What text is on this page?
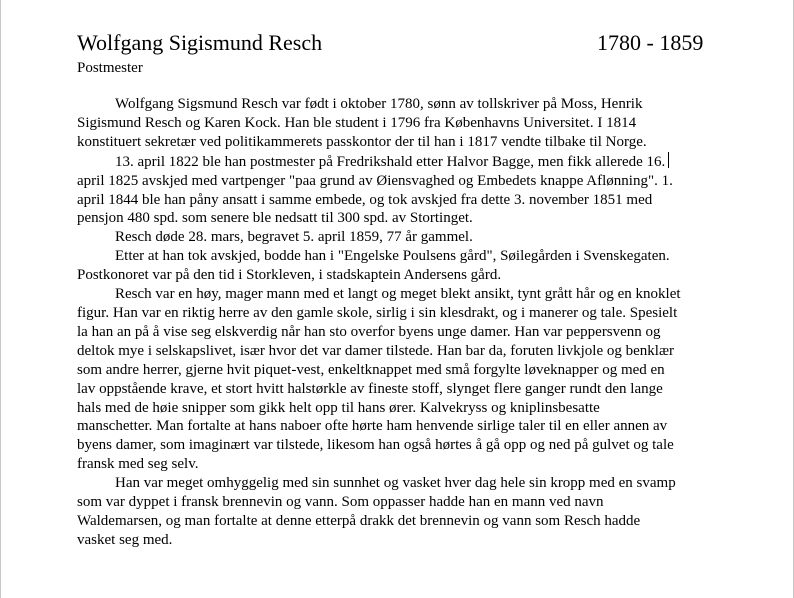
Wolfgang Sigismund Resch	1780 - 1859
Postmester
Wolfgang Sigsmund Resch var født i oktober 1780, sønn av tollskriver på Moss, Henrik
Sigismund Resch og Karen Kock. Han ble student i 1796 fra Københavns Universitet. I 1814
konstituert sekretær ved politikammerets passkontor der til han i 1817 vendte tilbake til Norge.
13. april 1822 ble han postmester på Fredrikshald etter Halvor Bagge, men fikk allerede 16.
april 1825 avskjed med vartpenger "paa grund av Øiensvaghed og Embedets knappe Aflønning". 1.
april 1844 ble han påny ansatt i samme embede, og tok avskjed fra dette 3. november 1851 med
pensjon 480 spd. som senere ble nedsatt til 300 spd. av Stortinget.
Resch døde 28. mars, begravet 5. april 1859, 77 år gammel.
Etter at han tok avskjed, bodde han i "Engelske Poulsens gård", Søilegården i Svenskegaten.
Postkonoret var på den tid i Storkleven, i stadskaptein Andersens gård.
Resch var en høy, mager mann med et langt og meget blekt ansikt, tynt grått hår og en knoklet
figur. Han var en riktig herre av den gamle skole, sirlig i sin klesdrakt, og i manerer og tale. Spesielt
la han an på å vise seg elskverdig når han sto overfor byens unge damer. Han var peppersvenn og
deltok mye i selskapslivet, især hvor det var damer tilstede. Han bar da, foruten livkjole og benklær
som andre herrer, gjerne hvit piquet-vest, enkeltknappet med små forgylte løveknapper og med en
lav oppstående krave, et stort hvitt halstørkle av fineste stoff, slynget flere ganger rundt den lange
hals med de høie snipper som gikk helt opp til hans ører. Kalvekryss og kniplinsbesatte
manschetter. Man fortalte at hans naboer ofte hørte ham henvende sirlige taler til en eller annen av
byens damer, som imaginært var tilstede, likesom han også hørtes å gå opp og ned på gulvet og tale
fransk med seg selv.
Han var meget omhyggelig med sin sunnhet og vasket hver dag hele sin kropp med en svamp
som var dyppet i fransk brennevin og vann. Som oppasser hadde han en mann ved navn
Waldemarsen, og man fortalte at denne etterpå drakk det brennevin og vann som Resch hadde
vasket seg med.
